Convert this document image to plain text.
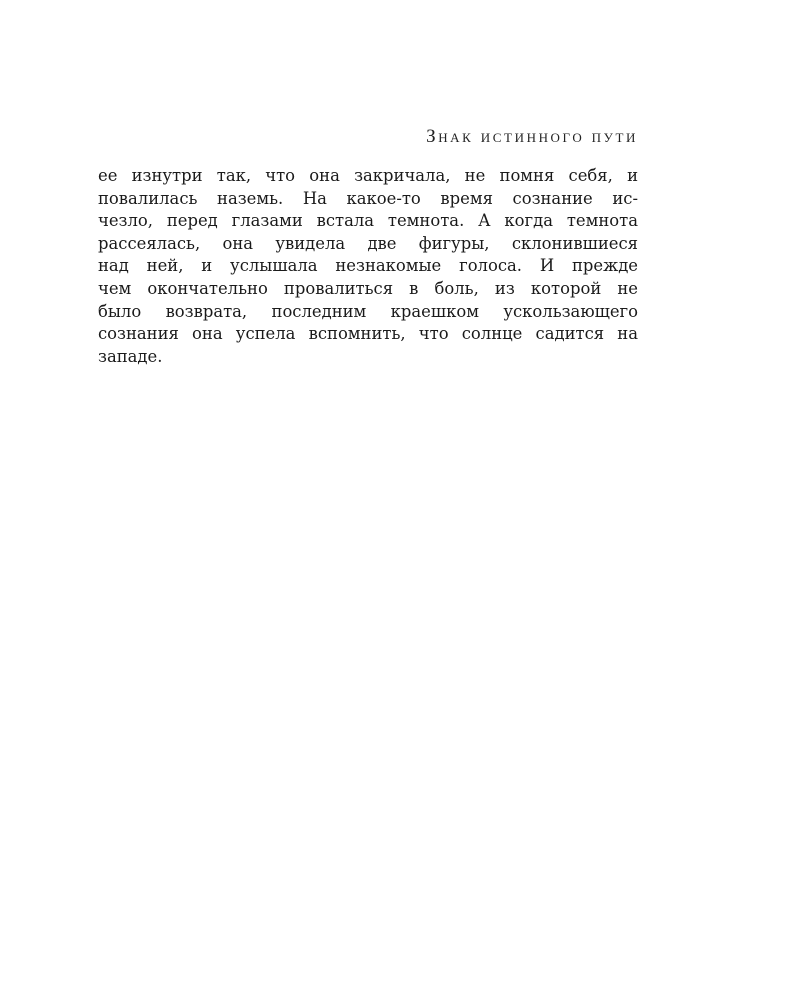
Знак истинного пути
ее изнутри так, что она закричала, не помня себя, и
повалилась наземь. На какое-то время сознание ис-
чезло, перед глазами встала темнота. А когда темнота
рассеялась, она увидела две фигуры, склонившиеся
над ней, и услышала незнакомые голоса. И прежде
чем окончательно провалиться в боль, из которой не
было возврата, последним краешком ускользающего
сознания она успела вспомнить, что солнце садится на
западе.
